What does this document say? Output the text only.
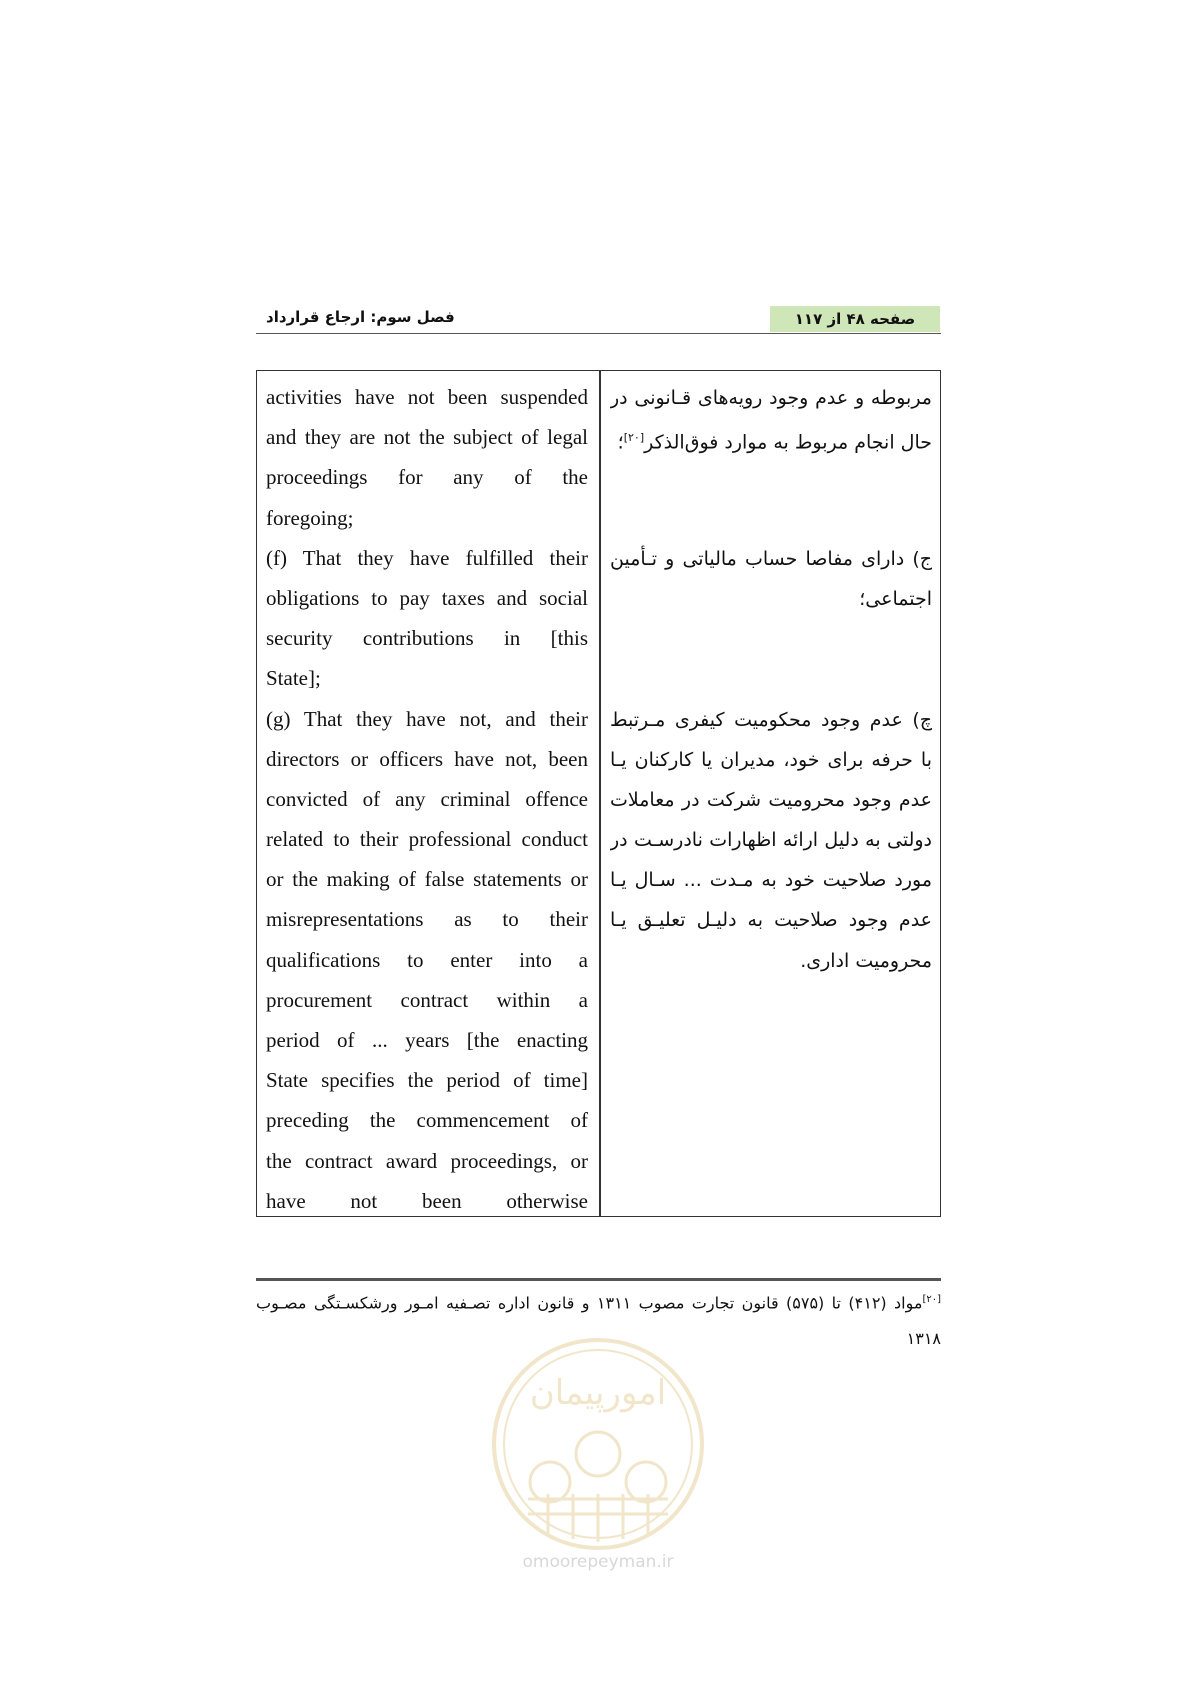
فصل سوم: ارجاع قرارداد	صفحه ۴۸ از ۱۱۷
activities have not been suspended
and they are not the subject of legal
proceedings for any of the
foregoing;
(f) That they have fulfilled their
obligations to pay taxes and social
security contributions in [this
State];
(g) That they have not, and their
directors or officers have not, been
convicted of any criminal offence
related to their professional conduct
or the making of false statements or
misrepresentations as to their
qualifications to enter into a
procurement contract within a
period of ... years [the enacting
State specifies the period of time]
preceding the commencement of
the contract award proceedings, or
have not been otherwise
مربوطه و عدم وجود رویه‌های قـانونی در
حال انجام مربوط به موارد فوق‌الذکر[۲۰]؛
ج) دارای مفاصا حساب مالیاتی و تـأمین
اجتماعی؛
چ) عدم وجود محکومیت کیفری مـرتبط
با حرفه برای خود، مدیران یا کارکنان یـا
عدم وجود محرومیت شرکت در معاملات
دولتی به دلیل ارائه اظهارات نادرسـت در
مورد صلاحیت خود به مـدت ... سـال یـا
عدم وجود صلاحیت به دلیـل تعلیـق یـا
محرومیت اداری.
[۲۰]مواد (۴۱۲) تا (۵۷۵) قانون تجارت مصوب ۱۳۱۱ و قانون اداره تصـفیه امـور ورشکسـتگی مصـوب
۱۳۱۸
امورپیمان
omoorepeyman.ir
